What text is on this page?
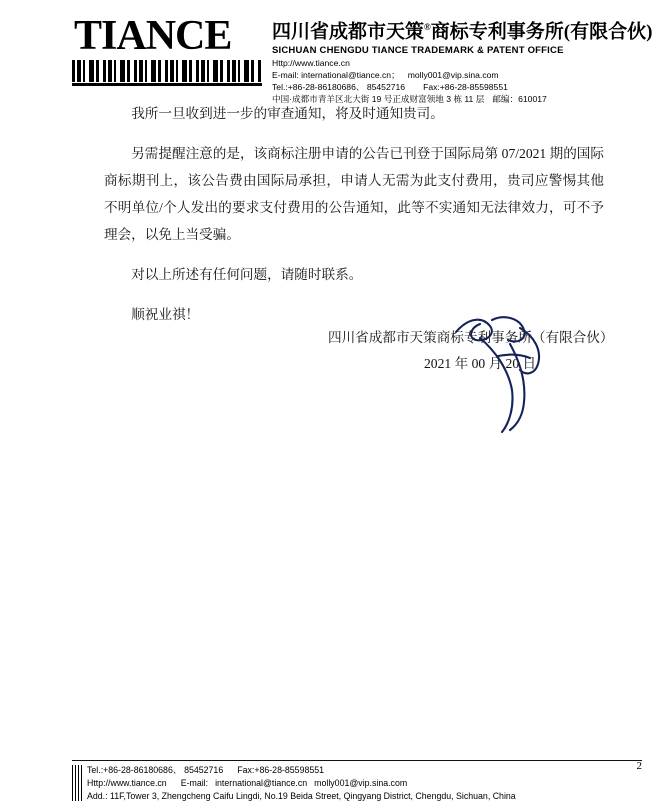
TIANCE	四川省成都市天策®商标专利事务所(有限合伙)
SICHUAN CHENGDU TIANCE TRADEMARK & PATENT OFFICE
Http://www.tiance.cn
E-mail: international@tiance.cn； molly001@vip.sina.com
Tel.:+86-28-86180686、 85452716 Fax:+86-28-85598551
中国·成都市青羊区北大街 19 号正成财富领地 3 栋 11 层 邮编：610017

我所一旦收到进一步的审查通知，将及时通知贵司。

另需提醒注意的是，该商标注册申请的公告已刊登于国际局第 07/2021 期的国际商标期刊上，该公告费由国际局承担，申请人无需为此支付费用，贵司应警惕其他不明单位/个人发出的要求支付费用的公告通知，此等不实通知无法律效力，可不予理会，以免上当受骗。

对以上所述有任何问题，请随时联系。

顺祝业祺！

四川省成都市天策商标专利事务所（有限合伙）
2021 年 00 月 20 日
Tel.:+86-28-86180686、 85452716 Fax:+86-28-85598551
Http://www.tiance.cn E-mail: international@tiance.cn molly001@vip.sina.com
Add.: 11F,Tower 3, Zhengcheng Caifu Lingdi, No.19 Beida Street, Qingyang District, Chengdu, Sichuan, China
2
